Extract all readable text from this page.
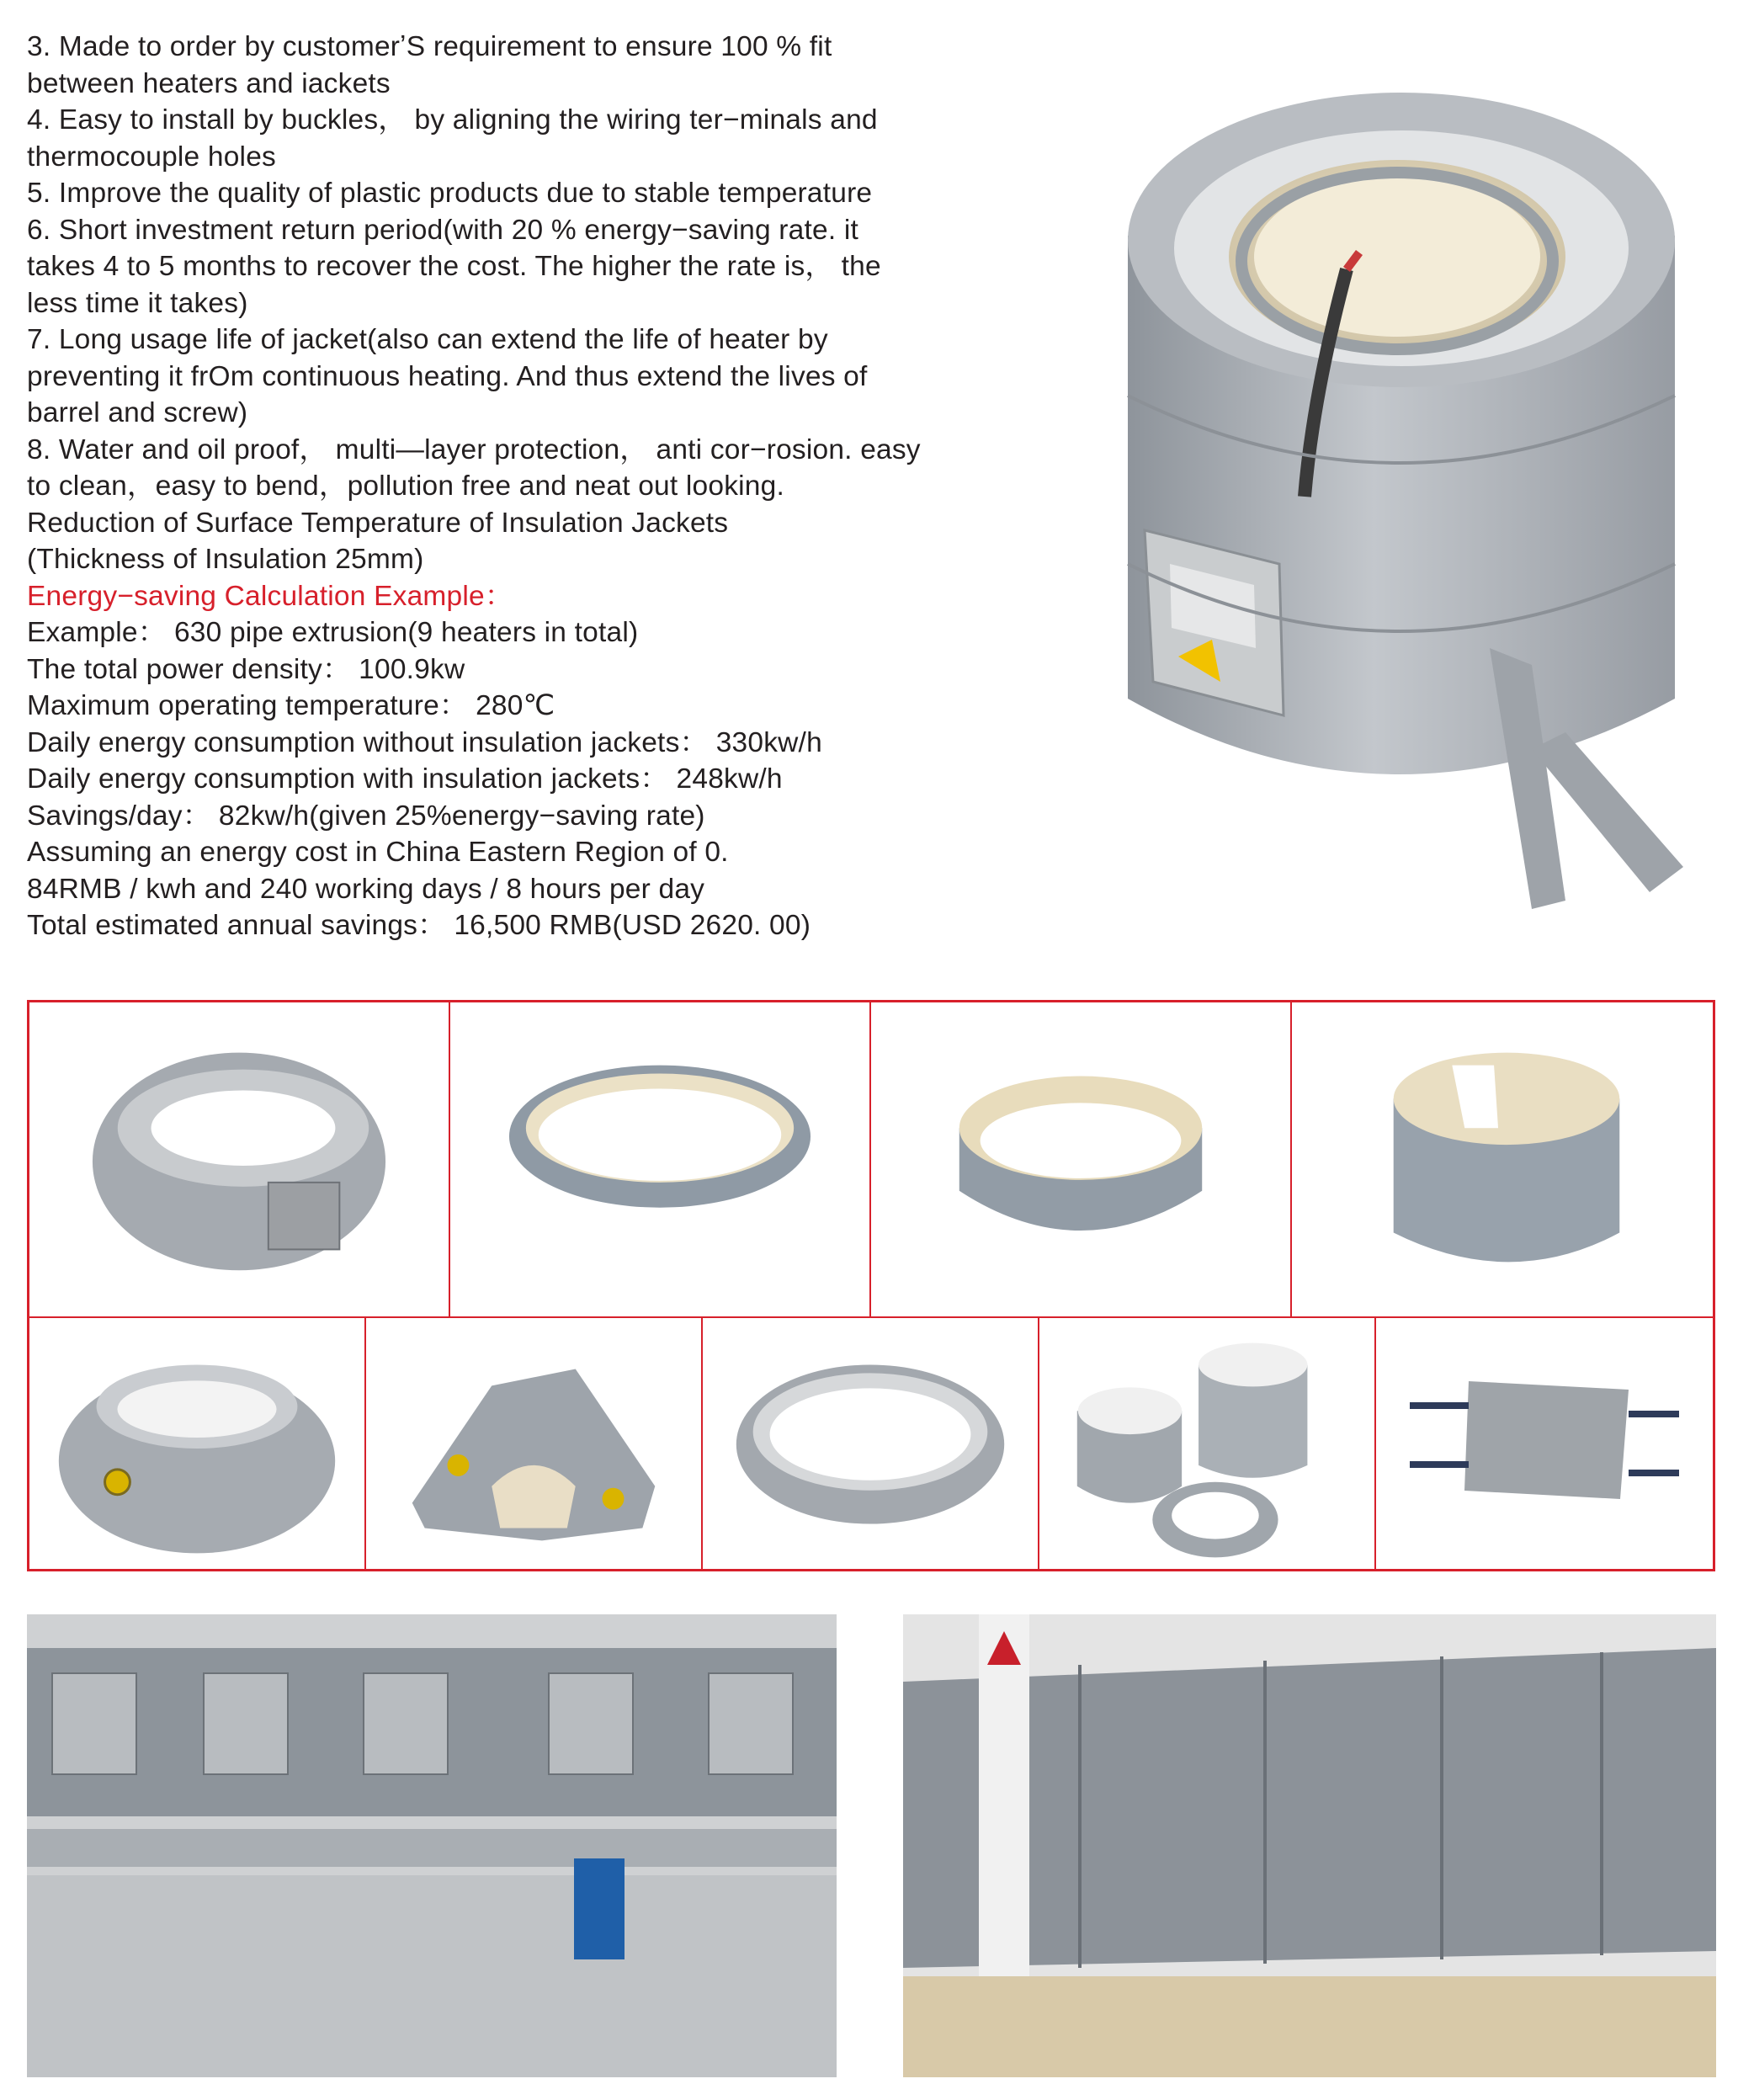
3. Made to order by customerʼS requirement to ensure 100 % fit
between heaters and iackets
4. Easy to install by buckles， by aligning the wiring ter−minals and
thermocouple holes
5. Improve the quality of plastic products due to stable temperature
6. Short investment return period(with 20 % energy−saving rate. it
takes 4 to 5 months to recover the cost. The higher the rate is， the
less time it takes)
7. Long usage life of jacket(also can extend the life of heater by
preventing it frOm continuous heating. And thus extend the lives of
barrel and screw)
8. Water and oil proof， multi—layer protection， anti cor−rosion. easy
to clean，easy to bend，pollution free and neat out looking.
Reduction of Surface Temperature of Insulation Jackets
(Thickness of Insulation 25mm)
Energy−saving Calculation Example：
Example： 630 pipe extrusion(9 heaters in total)
The total power density： 100.9kw
Maximum operating temperature： 280℃
Daily energy consumption without insulation jackets： 330kw/h
Daily energy consumption with insulation jackets： 248kw/h
Savings/day： 82kw/h(given 25%energy−saving rate)
Assuming an energy cost in China Eastern Region of 0.
84RMB / kwh and 240 working days / 8 hours per day
Total estimated annual savings： 16,500 RMB(USD 2620. 00)
